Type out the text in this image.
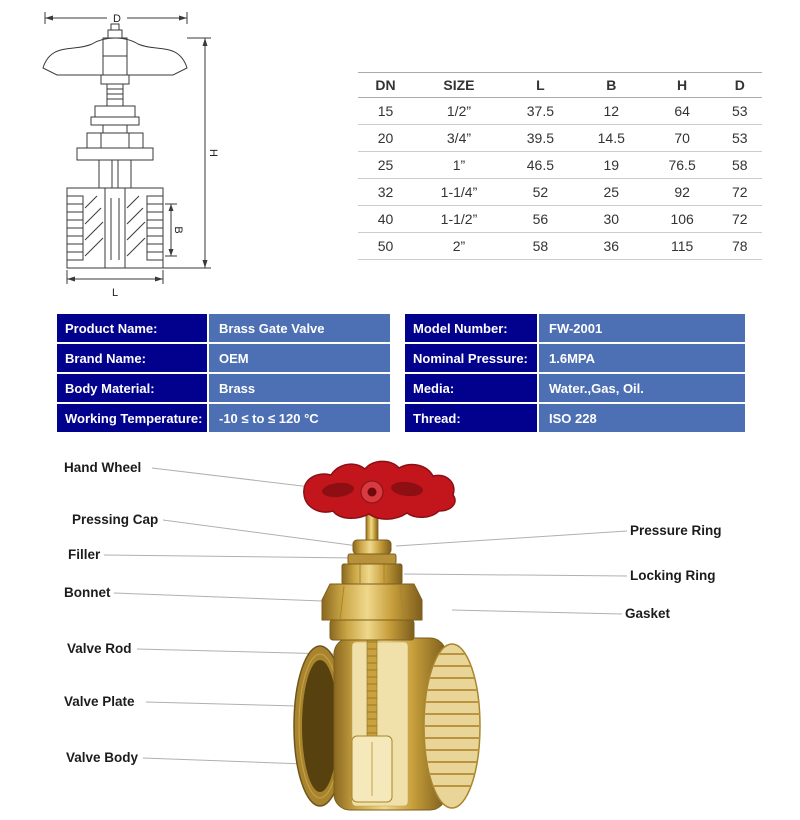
D
B
H
L
DN	SIZE	L	B	H	D
15	1/2”	37.5	12	64	53
20	3/4”	39.5	14.5	70	53
25	1”	46.5	19	76.5	58
32	1-1/4”	52	25	92	72
40	1-1/2”	56	30	106	72
50	2”	58	36	115	78
Product Name:	Brass Gate Valve
Brand Name:	OEM
Body Material:	Brass
Working Temperature:	-10 ≤ to ≤ 120 °C
Model Number:	FW-2001
Nominal Pressure:	1.6MPA
Media:	Water.,Gas, Oil.
Thread:	ISO 228
Hand Wheel
Pressing Cap
Filler
Bonnet
Valve Rod
Valve Plate
Valve Body
Pressure Ring
Locking Ring
Gasket
